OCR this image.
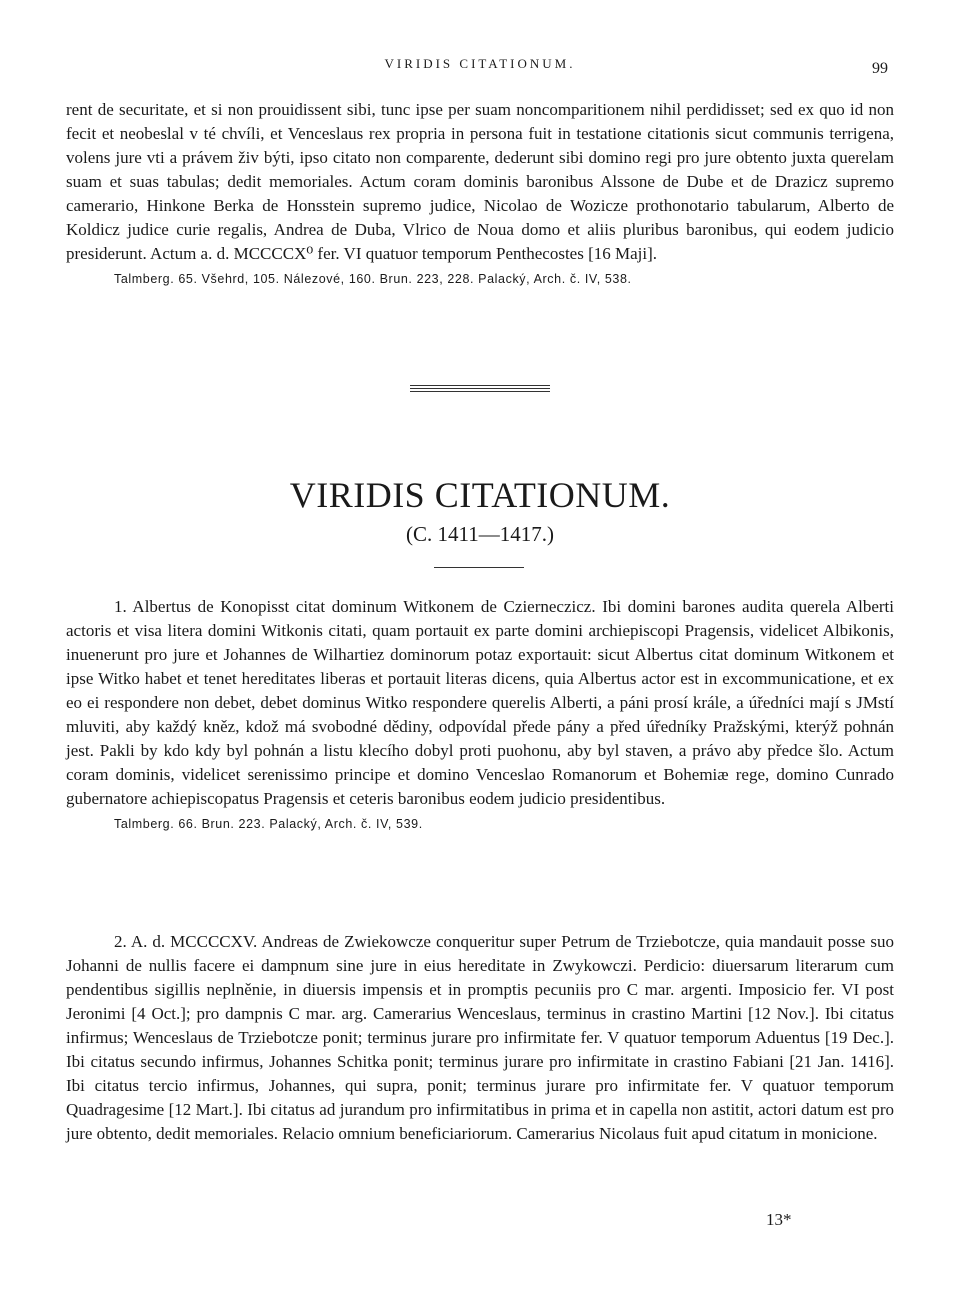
VIRIDIS CITATIONUM.	99

rent de securitate, et si non prouidissent sibi, tunc ipse per suam noncomparitionem nihil perdidisset; sed ex quo id non fecit et neobeslal v té chvíli, et Venceslaus rex propria in persona fuit in testatione citationis sicut communis terrigena, volens jure vti a právem živ býti, ipso citato non comparente, dederunt sibi domino regi pro jure obtento juxta querelam suam et suas tabulas; dedit memoriales. Actum coram dominis baronibus Alssone de Dube et de Drazicz supremo camerario, Hinkone Berka de Honsstein supremo judice, Nicolao de Wozicze prothonotario tabularum, Alberto de Koldicz judice curie regalis, Andrea de Duba, Vlrico de Noua domo et aliis pluribus baronibus, qui eodem judicio presiderunt. Actum a. d. MCCCCX⁰ fer. VI quatuor temporum Penthecostes [16 Maji].

Talmberg. 65. Všehrd, 105. Nálezové, 160. Brun. 223, 228. Palacký, Arch. č. IV, 538.

VIRIDIS CITATIONUM.
(C. 1411—1417.)

1. Albertus de Konopisst citat dominum Witkonem de Czierneczicz. Ibi domini barones audita querela Alberti actoris et visa litera domini Witkonis citati, quam portauit ex parte domini archiepiscopi Pragensis, videlicet Albikonis, inuenerunt pro jure et Johannes de Wilhartiez dominorum potaz exportauit: sicut Albertus citat dominum Witkonem et ipse Witko habet et tenet hereditates liberas et portauit literas dicens, quia Albertus actor est in excommunicatione, et ex eo ei respondere non debet, debet dominus Witko respondere querelis Alberti, a páni prosí krále, a úředníci mají s JMstí mluviti, aby každý kněz, kdož má svobodné dědiny, odpovídal přede pány a před úředníky Pražskými, kterýž pohnán jest. Pakli by kdo kdy byl pohnán a listu klecího dobyl proti puohonu, aby byl staven, a právo aby předce šlo. Actum coram dominis, videlicet serenissimo principe et domino Venceslao Romanorum et Bohemiæ rege, domino Cunrado gubernatore achiepiscopatus Pragensis et ceteris baronibus eodem judicio presidentibus.

Talmberg. 66. Brun. 223. Palacký, Arch. č. IV, 539.

2. A. d. MCCCCXV. Andreas de Zwiekowcze conqueritur super Petrum de Trziebotcze, quia mandauit posse suo Johanni de nullis facere ei dampnum sine jure in eius hereditate in Zwykowczi. Perdicio: diuersarum literarum cum pendentibus sigillis neplněnie, in diuersis impensis et in promptis pecuniis pro C mar. argenti. Imposicio fer. VI post Jeronimi [4 Oct.]; pro dampnis C mar. arg. Camerarius Wenceslaus, terminus in crastino Martini [12 Nov.]. Ibi citatus infirmus; Wenceslaus de Trziebotcze ponit; terminus jurare pro infirmitate fer. V quatuor temporum Aduentus [19 Dec.]. Ibi citatus secundo infirmus, Johannes Schitka ponit; terminus jurare pro infirmitate in crastino Fabiani [21 Jan. 1416]. Ibi citatus tercio infirmus, Johannes, qui supra, ponit; terminus jurare pro infirmitate fer. V quatuor temporum Quadragesime [12 Mart.]. Ibi citatus ad jurandum pro infirmitatibus in prima et in capella non astitit, actori datum est pro jure obtento, dedit memoriales. Relacio omnium beneficiariorum. Camerarius Nicolaus fuit apud citatum in monicione.

13*
